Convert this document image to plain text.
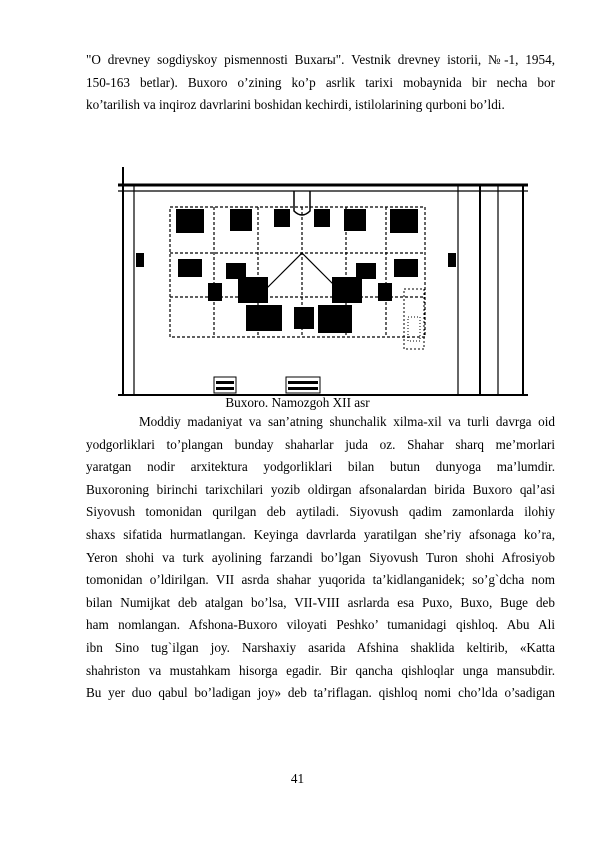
"O drevney sogdiyskoy pismennosti Buxarы". Vestnik drevney istorii, №-1, 1954,
150-163 betlar). Buxoro o’zining ko’p asrlik tarixi mobaynida bir necha bor
ko’tarilish va inqiroz davrlarini boshidan kechirdi, istilolarining qurboni bo’ldi.
Buxoro. Namozgoh XII asr
Moddiy madaniyat va san’atning shunchalik xilma-xil va turli davrga oid
yodgorliklari to’plangan bunday shaharlar juda oz. Shahar sharq me’morlari
yaratgan nodir arxitektura yodgorliklari bilan butun dunyoga ma’lumdir.
Buxoroning birinchi tarixchilari yozib oldirgan afsonalardan birida Buxoro qal’asi
Siyovush tomonidan qurilgan deb aytiladi. Siyovush qadim zamonlarda ilohiy
shaxs sifatida hurmatlangan. Keyinga davrlarda yaratilgan she’riy afsonaga ko’ra,
Yeron shohi va turk ayolining farzandi bo’lgan Siyovush Turon shohi Afrosiyob
tomonidan o’ldirilgan. VII asrda shahar yuqorida ta’kidlanganidek; so’g`dcha nom
bilan Numijkat deb atalgan bo’lsa, VII-VIII asrlarda esa Puxo, Buxo, Buge deb
ham nomlangan. Afshona-Buxoro viloyati Peshko’ tumanidagi qishloq. Abu Ali
ibn Sino tug`ilgan joy. Narshaxiy asarida Afshina shaklida keltirib, «Katta
shahriston va mustahkam hisorga egadir. Bir qancha qishloqlar unga mansubdir.
Bu yer duo qabul bo’ladigan joy» deb ta’riflagan. qishloq nomi cho’lda o’sadigan
41
